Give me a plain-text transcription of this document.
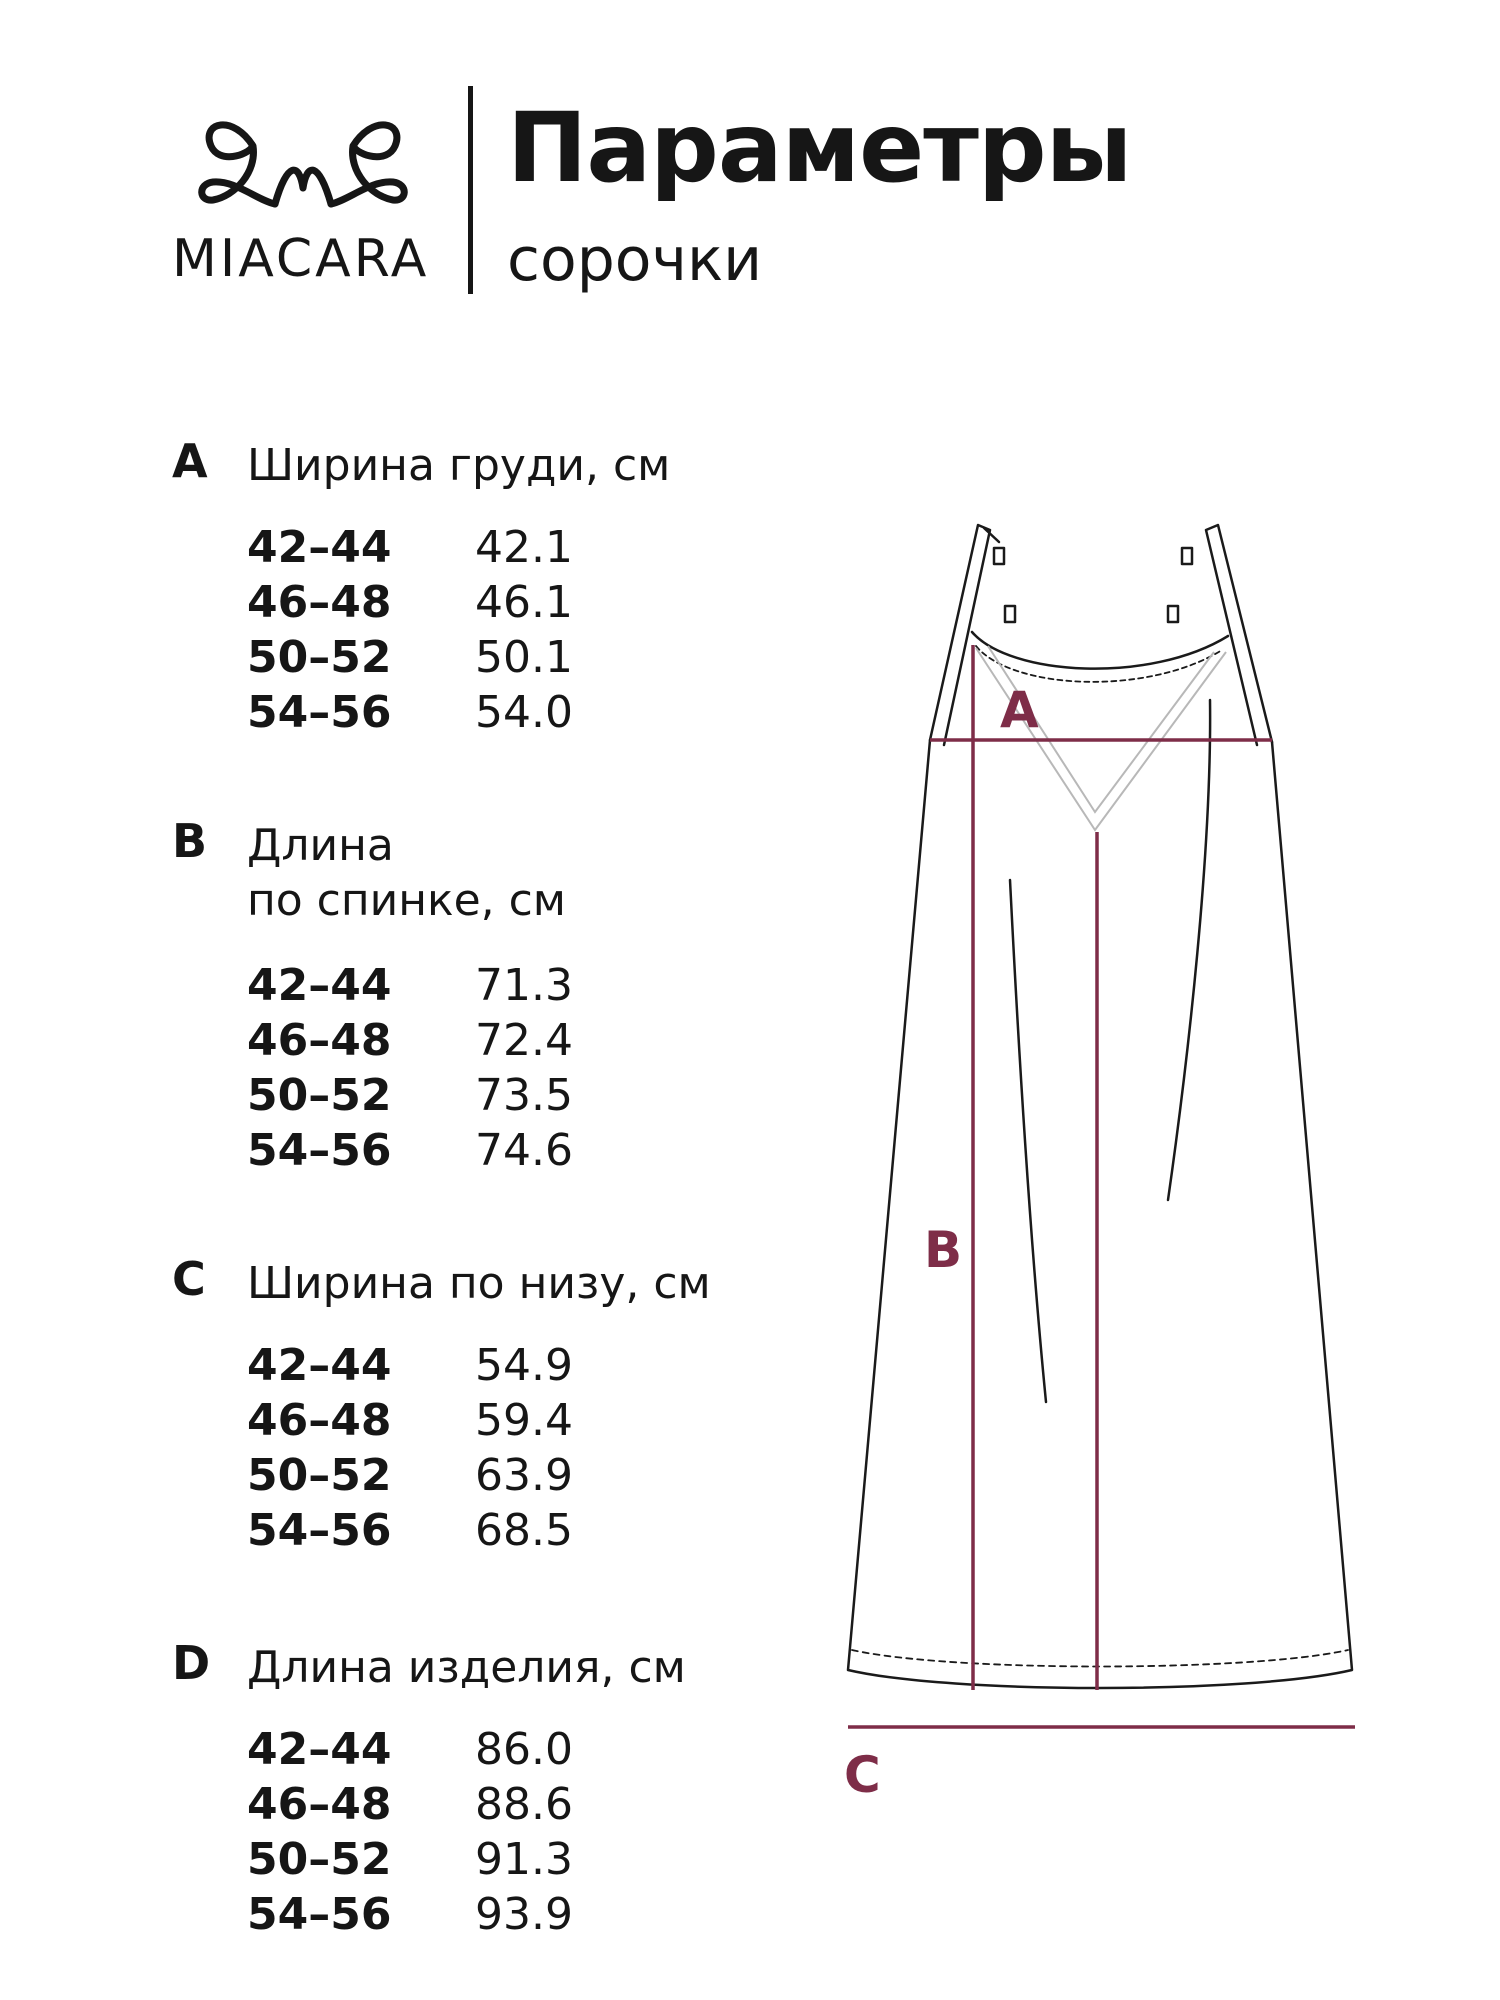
MIACARA
Параметры
сорочки
A Ширина груди, см
42–44 42.1
46–48 46.1
50–52 50.1
54–56 54.0
B Длина
по спинке, см
42–44 71.3
46–48 72.4
50–52 73.5
54–56 74.6
C Ширина по низу, см
42–44 54.9
46–48 59.4
50–52 63.9
54–56 68.5
D Длина изделия, см
42–44 86.0
46–48 88.6
50–52 91.3
54–56 93.9
A
B
C
